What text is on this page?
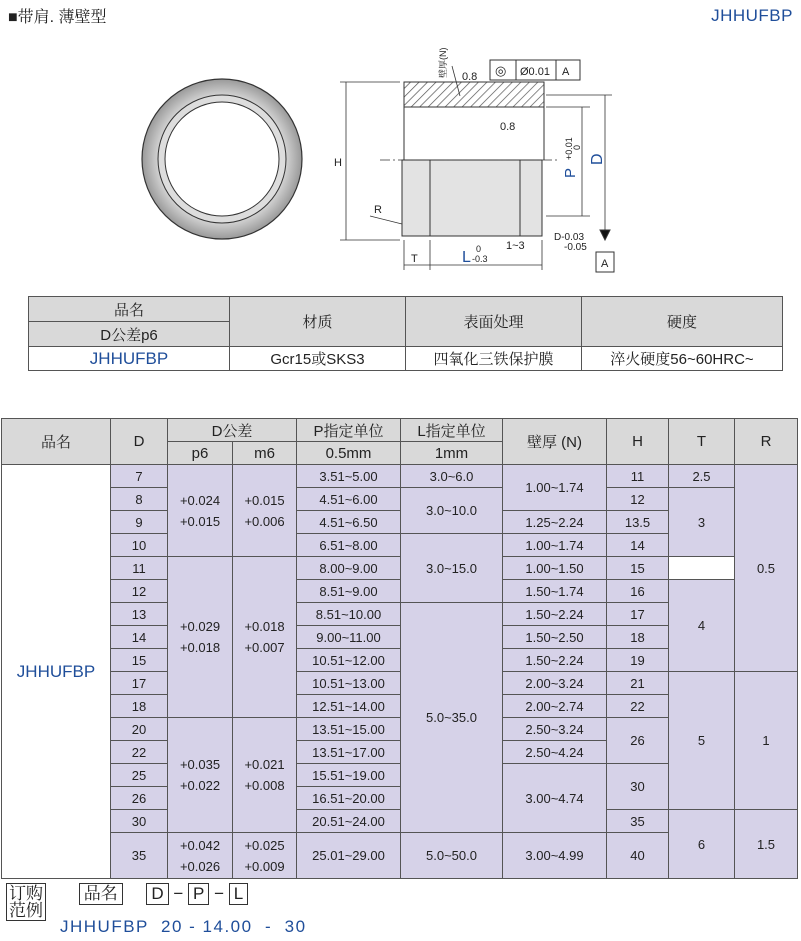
■带肩. 薄壁型	JHHUFBP
壁厚(N) 0.8
0.8
◎ Ø0.01 A
H
R
T	L 0
-0.3
1~3
D-0.03
-0.05
A
P
+0.01
0
D
品名	材质	表面处理	硬度
D公差p6			
JHHUFBP	Gcr15或SKS3	四氧化三铁保护膜	淬火硬度56~60HRC~
品名	D	D公差		P指定单位	L指定单位	壁厚 (N)	H	T	R
		p6	m6	0.5mm	1mm				
JHHUFBP	7	+0.024
+0.015	+0.015
+0.006	3.51~5.00	3.0~6.0	1.00~1.74	11	2.5	0.5
	8			4.51~6.00	3.0~10.0		12	3	
	9			4.51~6.50		1.25~2.24	13.5		
	10			6.51~8.00	3.0~15.0	1.00~1.74	14		
	11	+0.029
+0.018	+0.018
+0.007	8.00~9.00		1.00~1.50	15		
	12			8.51~9.00		1.50~1.74	16	4	
	13			8.51~10.00	5.0~35.0	1.50~2.24	17		
	14			9.00~11.00		1.50~2.50	18		
	15			10.51~12.00		1.50~2.24	19		
	17			10.51~13.00		2.00~3.24	21	5	1
	18			12.51~14.00		2.00~2.74	22		
	20	+0.035
+0.022	+0.021
+0.008	13.51~15.00		2.50~3.24	26		
	22			13.51~17.00		2.50~4.24			
	25			15.51~19.00		3.00~4.74	30		
	26			16.51~20.00					
	30			20.51~24.00			35	6	1.5
	35	+0.042
+0.026	+0.025
+0.009	25.01~29.00	5.0~50.0	3.00~4.99	40		
订购
范例 品名 D − P − L
JHHUFBP  20 - 14.00  -  30
